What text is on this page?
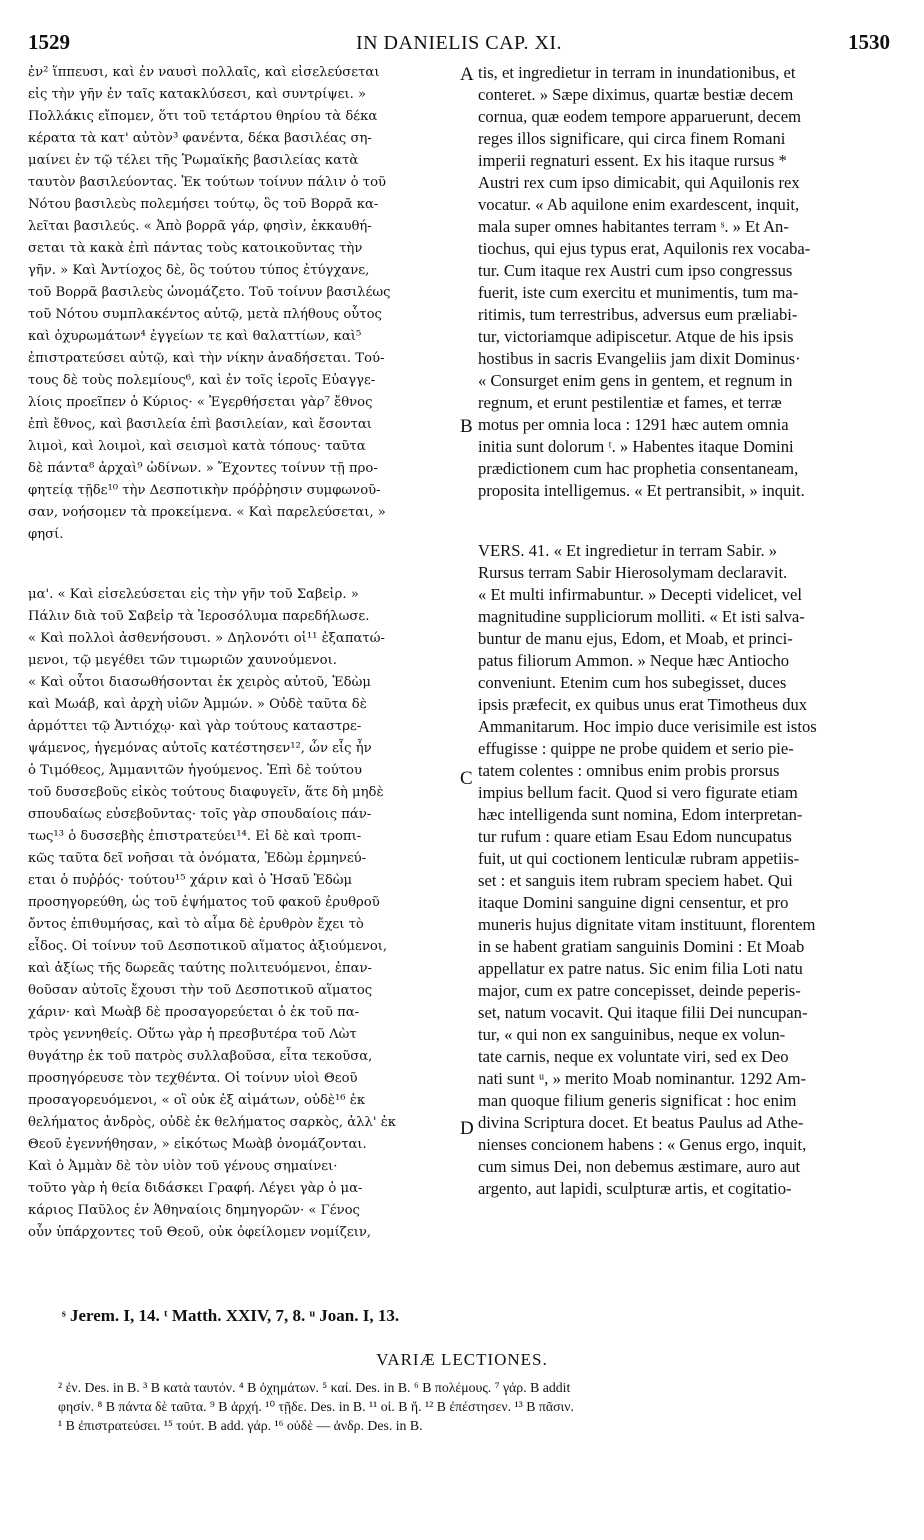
1529	IN DANIELIS CAP. XI.	1530
ἐν² ἵππευσι, καὶ ἐν ναυσὶ πολλαῖς, καὶ εἰσελεύσεται
εἰς τὴν γῆν ἐν ταῖς κατακλύσεσι, καὶ συντρίψει. »
Πολλάκις εἴπομεν, ὅτι τοῦ τετάρτου θηρίου τὰ δέκα
κέρατα τὰ κατ' αὐτὸν³ φανέντα, δέκα βασιλέας ση-
μαίνει ἐν τῷ τέλει τῆς Ῥωμαϊκῆς βασιλείας κατὰ
ταυτὸν βασιλεύοντας. Ἐκ τούτων τοίνυν πάλιν ὁ τοῦ
Νότου βασιλεὺς πολεμήσει τούτῳ, ὃς τοῦ Βορρᾶ κα-
λεῖται βασιλεύς. « Ἀπὸ βορρᾶ γάρ, φησὶν, ἐκκαυθή-
σεται τὰ κακὰ ἐπὶ πάντας τοὺς κατοικοῦντας τὴν
γῆν. » Καὶ Ἀντίοχος δὲ, ὃς τούτου τύπος ἐτύγχανε,
τοῦ Βορρᾶ βασιλεὺς ὠνομάζετο. Τοῦ τοίνυν βασιλέως
τοῦ Νότου συμπλακέντος αὐτῷ, μετὰ πλήθους οὗτος
καὶ ὀχυρωμάτων⁴ ἐγγείων τε καὶ θαλαττίων, καὶ⁵
ἐπιστρατεύσει αὐτῷ, καὶ τὴν νίκην ἀναδήσεται. Τού-
τους δὲ τοὺς πολεμίους⁶, καὶ ἐν τοῖς ἱεροῖς Εὐαγγε-
λίοις προεῖπεν ὁ Κύριος· « Ἐγερθήσεται γὰρ⁷ ἔθνος
ἐπὶ ἔθνος, καὶ βασιλεία ἐπὶ βασιλείαν, καὶ ἔσονται
λιμοὶ, καὶ λοιμοὶ, καὶ σεισμοὶ κατὰ τόπους· ταῦτα
δὲ πάντα⁸ ἀρχαὶ⁹ ὠδίνων. » Ἔχοντες τοίνυν τῇ προ-
φητείᾳ τῇδε¹⁰ τὴν Δεσποτικὴν πρόῤῥησιν συμφωνοῦ-
σαν, νοήσομεν τὰ προκείμενα. « Καὶ παρελεύσεται, »
φησί.
μα'. « Καὶ εἰσελεύσεται εἰς τὴν γῆν τοῦ Σαβεἰρ. »
Πάλιν διὰ τοῦ Σαβεἰρ τὰ Ἱεροσόλυμα παρεδήλωσε.
« Καὶ πολλοὶ ἀσθενήσουσι. » Δηλονότι οἱ¹¹ ἐξαπατώ-
μενοι, τῷ μεγέθει τῶν τιμωριῶν χαυνούμενοι.
« Καὶ οὗτοι διασωθήσονται ἐκ χειρὸς αὐτοῦ, Ἐδὼμ
καὶ Μωάβ, καὶ ἀρχὴ υἱῶν Ἀμμών. » Οὐδὲ ταῦτα δὲ
ἁρμόττει τῷ Ἀντιόχῳ· καὶ γὰρ τούτους καταστρε-
ψάμενος, ἡγεμόνας αὐτοῖς κατέστησεν¹², ὧν εἷς ἦν
ὁ Τιμόθεος, Ἀμμανιτῶν ἡγούμενος. Ἐπὶ δὲ τούτου
τοῦ δυσσεβοῦς εἰκὸς τούτους διαφυγεῖν, ἅτε δὴ μηδὲ
σπουδαίως εὐσεβοῦντας· τοῖς γὰρ σπουδαίοις πάν-
τως¹³ ὁ δυσσεβὴς ἐπιστρατεύει¹⁴. Εἰ δὲ καὶ τροπι-
κῶς ταῦτα δεῖ νοῆσαι τὰ ὀνόματα, Ἐδὼμ ἑρμηνεύ-
εται ὁ πυῤῥός· τούτου¹⁵ χάριν καὶ ὁ Ἡσαῦ Ἐδὼμ
προσηγορεύθη, ὡς τοῦ ἐψήματος τοῦ φακοῦ ἐρυθροῦ
ὄντος ἐπιθυμήσας, καὶ τὸ αἷμα δὲ ἐρυθρὸν ἔχει τὸ
εἶδος. Οἱ τοίνυν τοῦ Δεσποτικοῦ αἵματος ἀξιούμενοι,
καὶ ἀξίως τῆς δωρεᾶς ταύτης πολιτευόμενοι, ἐπαν-
θοῦσαν αὐτοῖς ἔχουσι τὴν τοῦ Δεσποτικοῦ αἵματος
χάριν· καὶ Μωὰβ δὲ προσαγορεύεται ὁ ἐκ τοῦ πα-
τρὸς γεννηθείς. Οὕτω γὰρ ἡ πρεσβυτέρα τοῦ Λὼτ
θυγάτηρ ἐκ τοῦ πατρὸς συλλαβοῦσα, εἶτα τεκοῦσα,
προσηγόρευσε τὸν τεχθέντα. Οἱ τοίνυν υἱοὶ Θεοῦ
προσαγορευόμενοι, « οἳ οὐκ ἐξ αἱμάτων, οὐδὲ¹⁶ ἐκ
θελήματος ἀνδρὸς, οὐδὲ ἐκ θελήματος σαρκὸς, ἀλλ' ἐκ
Θεοῦ ἐγεννήθησαν, » εἰκότως Μωὰβ ὀνομάζονται.
Καὶ ὁ Ἀμμὰν δὲ τὸν υἱὸν τοῦ γένους σημαίνει·
τοῦτο γὰρ ἡ θεία διδάσκει Γραφή. Λέγει γὰρ ὁ μα-
κάριος Παῦλος ἐν Ἀθηναίοις δημηγορῶν· « Γένος
οὖν ὑπάρχοντες τοῦ Θεοῦ, οὐκ ὀφείλομεν νομίζειν,
tis, et ingredietur in terram in inundationibus, et
conteret. » Sæpe diximus, quartæ bestiæ decem
cornua, quæ eodem tempore apparuerunt, decem
reges illos significare, qui circa finem Romani
imperii regnaturi essent. Ex his itaque rursus *
Austri rex cum ipso dimicabit, qui Aquilonis rex
vocatur. « Ab aquilone enim exardescent, inquit,
mala super omnes habitantes terram ˢ. » Et An-
tiochus, qui ejus typus erat, Aquilonis rex vocaba-
tur. Cum itaque rex Austri cum ipso congressus
fuerit, iste cum exercitu et munimentis, tum ma-
ritimis, tum terrestribus, adversus eum præliabi-
tur, victoriamque adipiscetur. Atque de his ipsis
hostibus in sacris Evangeliis jam dixit Dominus·
« Consurget enim gens in gentem, et regnum in
regnum, et erunt pestilentiæ et fames, et terræ
motus per omnia loca : 1291 hæc autem omnia
initia sunt dolorum ᵗ. » Habentes itaque Domini
prædictionem cum hac prophetia consentaneam,
proposita intelligemus. « Et pertransibit, » inquit.
VERS. 41. « Et ingredietur in terram Sabir. »
Rursus terram Sabir Hierosolymam declaravit.
« Et multi infirmabuntur. » Decepti videlicet, vel
magnitudine suppliciorum molliti. « Et isti salva-
buntur de manu ejus, Edom, et Moab, et princi-
patus filiorum Ammon. » Neque hæc Antiocho
conveniunt. Etenim cum hos subegisset, duces
ipsis præfecit, ex quibus unus erat Timotheus dux
Ammanitarum. Hoc impio duce verisimile est istos
effugisse : quippe ne probe quidem et serio pie-
tatem colentes : omnibus enim probis prorsus
impius bellum facit. Quod si vero figurate etiam
hæc intelligenda sunt nomina, Edom interpretan-
tur rufum : quare etiam Esau Edom nuncupatus
fuit, ut qui coctionem lenticulæ rubram appetiis-
set : et sanguis item rubram speciem habet. Qui
itaque Domini sanguine digni censentur, et pro
muneris hujus dignitate vitam instituunt, florentem
in se habent gratiam sanguinis Domini : Et Moab
appellatur ex patre natus. Sic enim filia Loti natu
major, cum ex patre concepisset, deinde peperis-
set, natum vocavit. Qui itaque filii Dei nuncupan-
tur, « qui non ex sanguinibus, neque ex volun-
tate carnis, neque ex voluntate viri, sed ex Deo
nati sunt ᵘ, » merito Moab nominantur. 1292 Am-
man quoque filium generis significat : hoc enim
divina Scriptura docet. Et beatus Paulus ad Athe-
nienses concionem habens : « Genus ergo, inquit,
cum simus Dei, non debemus æstimare, auro aut
argento, aut lapidi, sculpturæ artis, et cogitatio-
A
B
C
D
ˢ Jerem. I, 14. ᵗ Matth. XXIV, 7, 8. ᵘ Joan. I, 13.
VARIÆ LECTIONES.
² ἐν. Des. in B. ³ B κατὰ ταυτόν. ⁴ B ὀχημάτων. ⁵ καί. Des. in B. ⁶ B πολέμους. ⁷ γάρ. B addit
φησίν. ⁸ B πάντα δὲ ταῦτα. ⁹ B ἀρχή. ¹⁰ τῇδε. Des. in B. ¹¹ οἱ. B ἤ. ¹² B ἐπέστησεν. ¹³ B πᾶσιν.
¹ B ἐπιστρατεύσει. ¹⁵ τούτ. B add. γάρ. ¹⁶ οὐδὲ — ἀνδρ. Des. in B.
